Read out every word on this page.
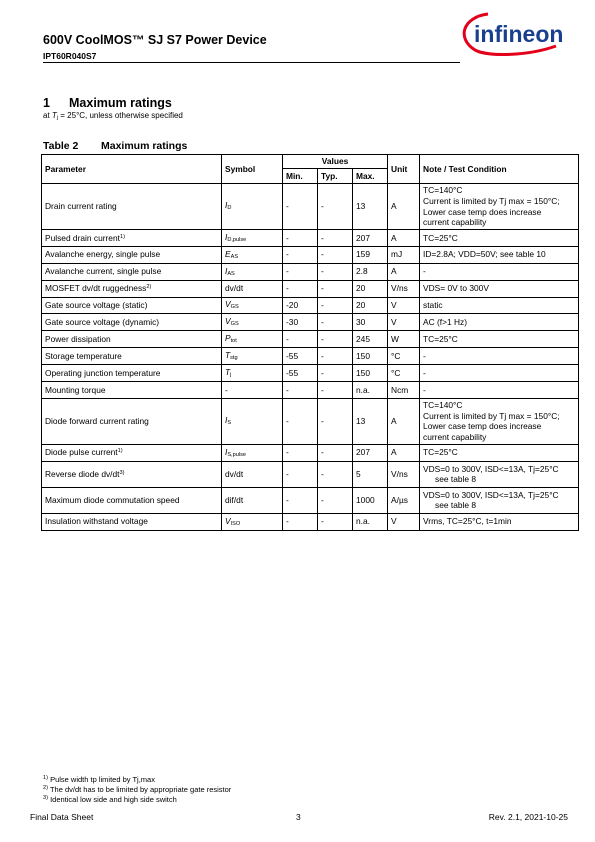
600V CoolMOS™ SJ S7 Power Device
IPT60R040S7
infineon
1 Maximum ratings
at Tj = 25°C, unless otherwise specified
Table 2 Maximum ratings
Parameter	Symbol	Values			Unit	Note / Test Condition
		Min.	Typ.	Max.		
Drain current rating	ID	-	-	13	A	TC=140°C
Current is limited by Tj max = 150°C;
Lower case temp does increase
current capability

Pulsed drain current$^{1)}$	ID,pulse	-	-	207	A	TC=25°C
Avalanche energy, single pulse	EAS	-	-	159	mJ	ID=2.8A; VDD=50V; see table 10
Avalanche current, single pulse	IAS	-	-	2.8	A	-
MOSFET dv/dt ruggedness$^{2)}$	dv/dt	-	-	20	V/ns	VDS= 0V to 300V
Gate source voltage (static)	VGS	-20	-	20	V	static
Gate source voltage (dynamic)	VGS	-30	-	30	V	AC (f>1 Hz)
Power dissipation	Ptot	-	-	245	W	TC=25°C
Storage temperature	Tstg	-55	-	150	°C	-
Operating junction temperature	Tj	-55	-	150	°C	-
Mounting torque	-	-	-	n.a.	Ncm	-
Diode forward current rating	IS	-	-	13	A	TC=140°C
Current is limited by Tj max = 150°C;
Lower case temp does increase
current capability

Diode pulse current$^{1)}$	IS,pulse	-	-	207	A	TC=25°C
Reverse diode $dv/dt^{3)}$	dv/dt	-	-	5	V/ns	VDS=0 to 300V, ISD<=13A, Tj=25°C
see table 8

Maximum diode commutation speed	dif/dt	-	-	1000	A/µs	VDS=0 to 300V, ISD<=13A, Tj=25°C
see table 8

Insulation withstand voltage	VISO	-	-	n.a.	V	Vrms, TC=25°C, t=1min
$^{1)}$ Pulse width tp limited by Tj,max
$^{2)}$ The dv/dt has to be limited by appropriate gate resistor
$^{3)}$ Identical low side and high side switch
Final Data Sheet	3	Rev. 2.1, 2021-10-25
